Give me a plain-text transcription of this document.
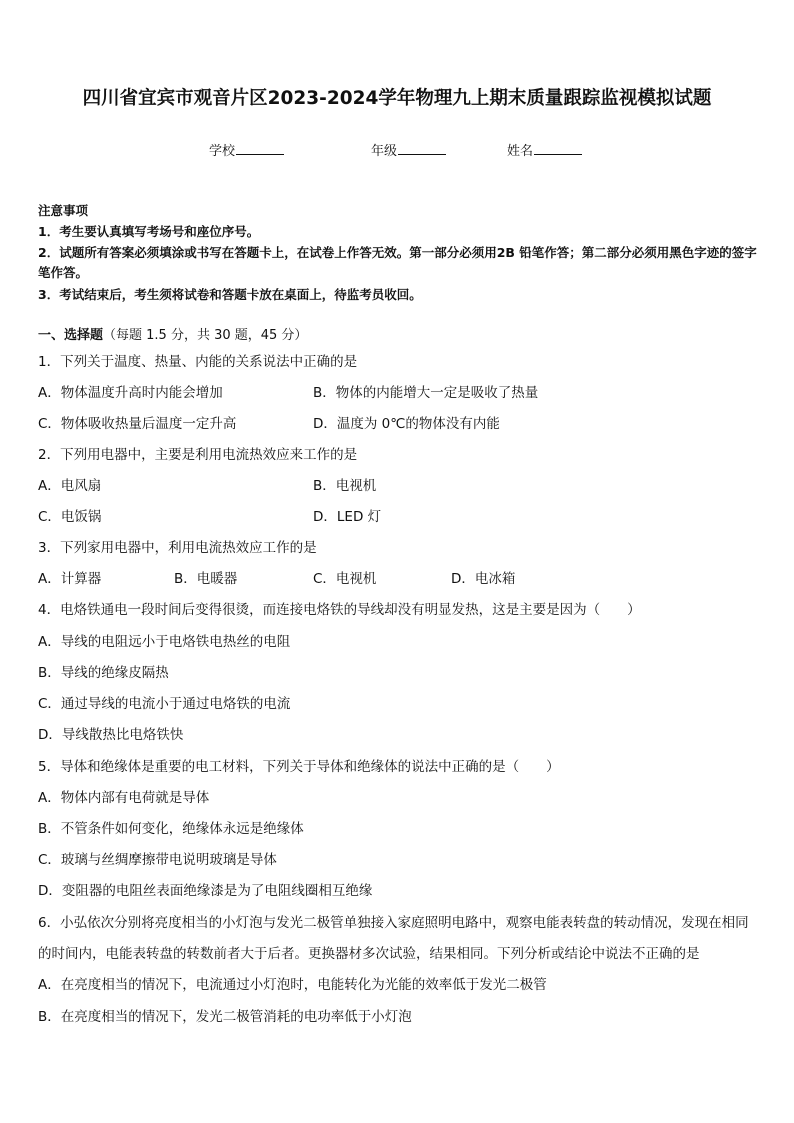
四川省宜宾市观音片区2023-2024学年物理九上期末质量跟踪监视模拟试题
学校	年级	姓名
注意事项
1．考生要认真填写考场号和座位序号。
2．试题所有答案必须填涂或书写在答题卡上，在试卷上作答无效。第一部分必须用2B 铅笔作答；第二部分必须用黑色字迹的签字笔作答。
3．考试结束后，考生须将试卷和答题卡放在桌面上，待监考员收回。
一、选择题（每题 1.5 分，共 30 题，45 分）
1．下列关于温度、热量、内能的关系说法中正确的是
A．物体温度升高时内能会增加	B．物体的内能增大一定是吸收了热量
C．物体吸收热量后温度一定升高	D．温度为 0℃的物体没有内能
2．下列用电器中，主要是利用电流热效应来工作的是
A．电风扇	B．电视机
C．电饭锅	D．LED 灯
3．下列家用电器中，利用电流热效应工作的是
A．计算器	B．电暖器	C．电视机	D．电冰箱
4．电烙铁通电一段时间后变得很烫，而连接电烙铁的导线却没有明显发热，这是主要是因为（　　）
A．导线的电阻远小于电烙铁电热丝的电阻
B．导线的绝缘皮隔热
C．通过导线的电流小于通过电烙铁的电流
D．导线散热比电烙铁快
5．导体和绝缘体是重要的电工材料，下列关于导体和绝缘体的说法中正确的是（　　）
A．物体内部有电荷就是导体
B．不管条件如何变化，绝缘体永远是绝缘体
C．玻璃与丝绸摩擦带电说明玻璃是导体
D．变阻器的电阻丝表面绝缘漆是为了电阻线圈相互绝缘
6．小弘依次分别将亮度相当的小灯泡与发光二极管单独接入家庭照明电路中，观察电能表转盘的转动情况，发现在相同的时间内，电能表转盘的转数前者大于后者。更换器材多次试验，结果相同。下列分析或结论中说法不正确的是
A．在亮度相当的情况下，电流通过小灯泡时，电能转化为光能的效率低于发光二极管
B．在亮度相当的情况下，发光二极管消耗的电功率低于小灯泡
